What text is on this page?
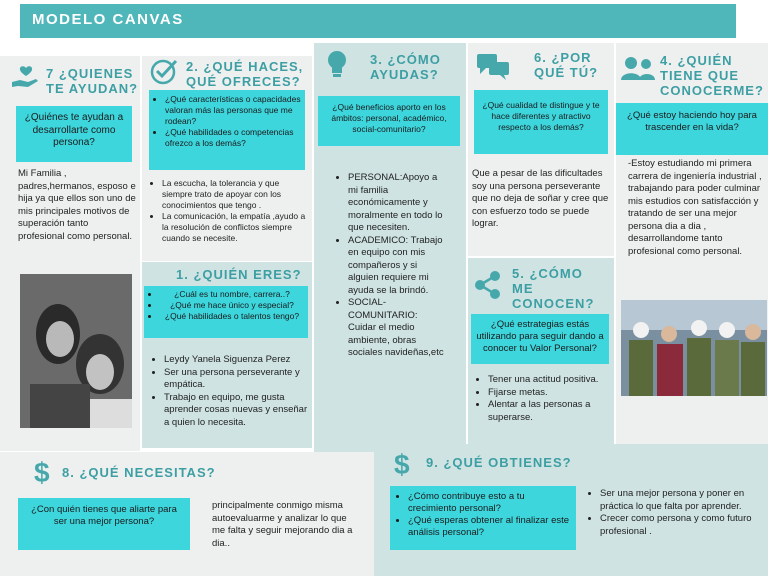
MODELO CANVAS
7 ¿QUIENES
TE AYUDAN?
¿Quiénes te ayudan a desarrollarte como persona?
Mi Familia , padres,hermanos, esposo e hija ya que ellos son uno de mis principales motivos de superación tanto profesional como personal.
2. ¿QUÉ HACES,
QUÉ OFRECES?
• ¿Qué características o capacidades valoran más las personas que me rodean?
• ¿Qué habilidades o competencias ofrezco a los demás?
• La escucha, la tolerancia y que siempre trato de apoyar con los conocimientos que tengo .
• La comunicación, la empatía ,ayudo a la resolución de conflictos siempre cuando se necesite.
1. ¿QUIÉN ERES?
• ¿Cuál es tu nombre, carrera..?
• ¿Qué me hace único y especial?
• ¿Qué habilidades o talentos tengo?
• Leydy Yanela Siguenza Perez
• Ser una persona perseverante y empática.
• Trabajo en equipo, me gusta aprender cosas nuevas y enseñar a quien lo necesita.
3. ¿CÓMO
AYUDAS?
¿Qué beneficios aporto en los ámbitos: personal, académico, social-comunitario?
• PERSONAL:Apoyo a mi familia económicamente y moralmente en todo lo que necesiten.
• ACADEMICO: Trabajo en equipo con mis compañeros y si alguien requiere mi ayuda se la brindó.
• SOCIAL-COMUNITARIO: Cuidar el medio ambiente, obras sociales navideñas,etc
6. ¿POR
QUÉ TÚ?
¿Qué cualidad te distingue y te hace diferentes y atractivo respecto a los demás?
Que a pesar de las dificultades soy una persona perseverante que no deja de soñar y cree que con esfuerzo todo se puede lograr.
5. ¿CÓMO
ME
CONOCEN?
¿Qué estrategias estás utilizando para seguir dando a conocer tu Valor Personal?
• Tener una actitud positiva.
• Fijarse metas.
• Alentar a las personas a superarse.
4. ¿QUIÉN
TIENE QUE
CONOCERME?
¿Qué estoy haciendo hoy para trascender en la vida?
-Estoy estudiando mi primera carrera de ingeniería industrial , trabajando para poder culminar mis estudios con satisfacción y tratando de ser una mejor persona dia a dia , desarrollandome tanto profesional como personal.
$ 8. ¿QUÉ NECESITAS?
¿Con quién tienes que aliarte para ser una mejor persona?
principalmente conmigo misma autoevaluarme y analizar lo que me falta y seguir mejorando dia a dia..
$	9. ¿QUÉ OBTIENES?
• ¿Cómo contribuye esto a tu crecimiento personal?
• ¿Qué esperas obtener al finalizar este análisis personal?
• Ser una mejor persona y poner en práctica lo que falta por aprender.
• Crecer como persona y como futuro profesional .
